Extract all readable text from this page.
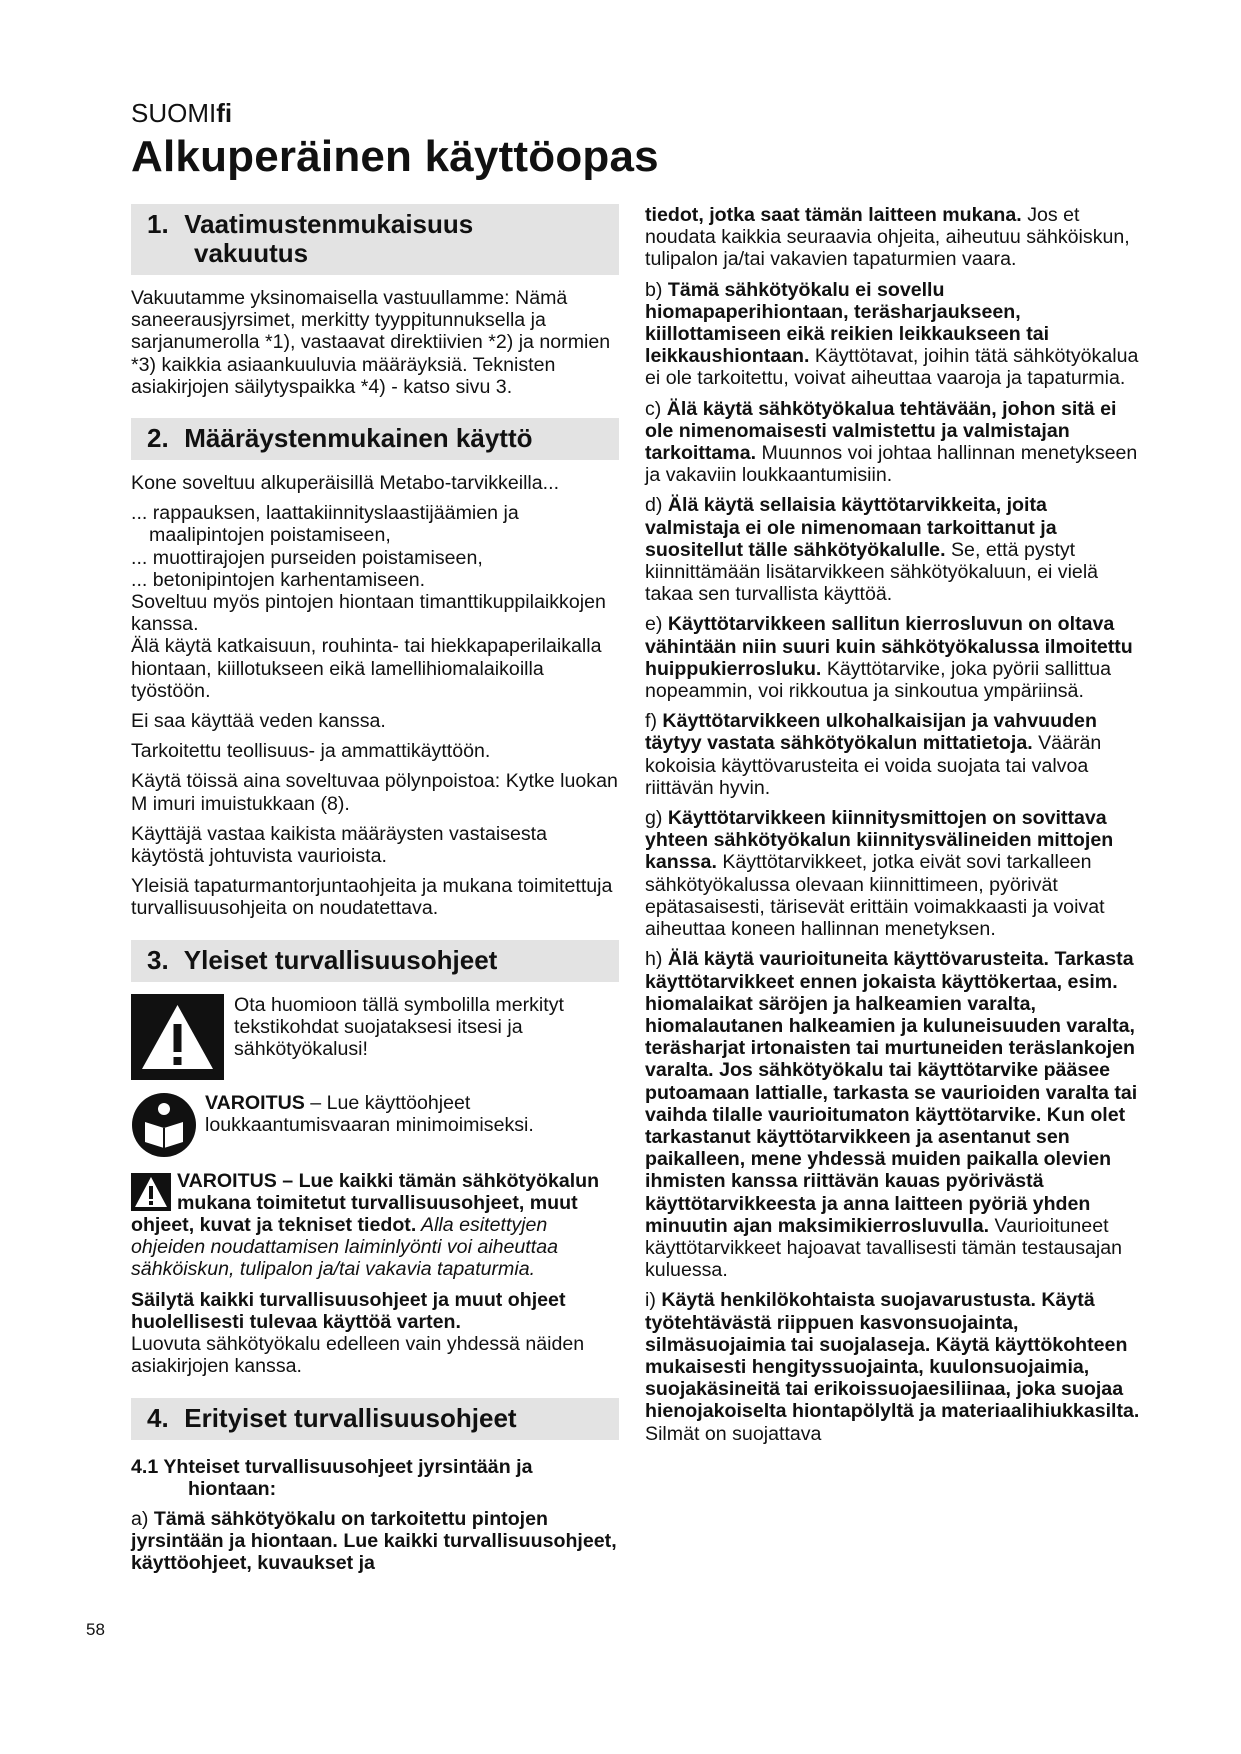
SUOMIfi
Alkuperäinen käyttöopas
1. Vaatimustenmukaisuus
vakuutus

Vakuutamme yksinomaisella vastuullamme: Nämä saneerausjyrsimet, merkitty tyyppitunnuksella ja sarjanumerolla *1), vastaavat direktiivien *2) ja normien *3) kaikkia asiaankuuluvia määräyksiä. Teknisten asiakirjojen säilytyspaikka *4) - katso sivu 3.

2. Määräystenmukainen käyttö

Kone soveltuu alkuperäisillä Metabo-tarvikkeilla...

... rappauksen, laattakiinnityslaastijäämien ja maalipintojen poistamiseen,
... muottirajojen purseiden poistamiseen,
... betonipintojen karhentamiseen.
Soveltuu myös pintojen hiontaan timanttikuppilaikkojen kanssa.

Älä käytä katkaisuun, rouhinta- tai hiekkapaperilaikalla hiontaan, kiillotukseen eikä lamellihiomalaikoilla työstöön.

Ei saa käyttää veden kanssa.

Tarkoitettu teollisuus- ja ammattikäyttöön.

Käytä töissä aina soveltuvaa pölynpoistoa: Kytke luokan M imuri imuistukkaan (8).

Käyttäjä vastaa kaikista määräysten vastaisesta käytöstä johtuvista vaurioista.

Yleisiä tapaturmantorjuntaohjeita ja mukana toimitettuja turvallisuusohjeita on noudatettava.

3. Yleiset turvallisuusohjeet
Ota huomioon tällä symbolilla merkityt tekstikohdat suojataksesi itsesi ja sähkötyökalusi!
VAROITUS – Lue käyttöohjeet loukkaantumisvaaran minimoimiseksi.

VAROITUS – Lue kaikki tämän sähkötyökalun mukana toimitetut turvallisuusohjeet, muut ohjeet, kuvat ja tekniset tiedot. Alla esitettyjen ohjeiden noudattamisen laiminlyönti voi aiheuttaa sähköiskun, tulipalon ja/tai vakavia tapaturmia.

Säilytä kaikki turvallisuusohjeet ja muut ohjeet huolellisesti tulevaa käyttöä varten.
Luovuta sähkötyökalu edelleen vain yhdessä näiden asiakirjojen kanssa.

4. Erityiset turvallisuusohjeet
4.1 Yhteiset turvallisuusohjeet jyrsintään ja
hiontaan:

a) Tämä sähkötyökalu on tarkoitettu pintojen jyrsintään ja hiontaan. Lue kaikki turvallisuusohjeet, käyttöohjeet, kuvaukset ja

tiedot, jotka saat tämän laitteen mukana. Jos et noudata kaikkia seuraavia ohjeita, aiheutuu sähköiskun, tulipalon ja/tai vakavien tapaturmien vaara.

b) Tämä sähkötyökalu ei sovellu hiomapaperihiontaan, teräsharjaukseen, kiillottamiseen eikä reikien leikkaukseen tai leikkaushiontaan. Käyttötavat, joihin tätä sähkötyökalua ei ole tarkoitettu, voivat aiheuttaa vaaroja ja tapaturmia.

c) Älä käytä sähkötyökalua tehtävään, johon sitä ei ole nimenomaisesti valmistettu ja valmistajan tarkoittama. Muunnos voi johtaa hallinnan menetykseen ja vakaviin loukkaantumisiin.

d) Älä käytä sellaisia käyttötarvikkeita, joita valmistaja ei ole nimenomaan tarkoittanut ja suositellut tälle sähkötyökalulle. Se, että pystyt kiinnittämään lisätarvikkeen sähkötyökaluun, ei vielä takaa sen turvallista käyttöä.

e) Käyttötarvikkeen sallitun kierrosluvun on oltava vähintään niin suuri kuin sähkötyökalussa ilmoitettu huippukierrosluku. Käyttötarvike, joka pyörii sallittua nopeammin, voi rikkoutua ja sinkoutua ympäriinsä.

f) Käyttötarvikkeen ulkohalkaisijan ja vahvuuden täytyy vastata sähkötyökalun mittatietoja. Väärän kokoisia käyttövarusteita ei voida suojata tai valvoa riittävän hyvin.

g) Käyttötarvikkeen kiinnitysmittojen on sovittava yhteen sähkötyökalun kiinnitysvälineiden mittojen kanssa. Käyttötarvikkeet, jotka eivät sovi tarkalleen sähkötyökalussa olevaan kiinnittimeen, pyörivät epätasaisesti, tärisevät erittäin voimakkaasti ja voivat aiheuttaa koneen hallinnan menetyksen.

h) Älä käytä vaurioituneita käyttövarusteita. Tarkasta käyttötarvikkeet ennen jokaista käyttökertaa, esim. hiomalaikat säröjen ja halkeamien varalta, hiomalautanen halkeamien ja kuluneisuuden varalta, teräsharjat irtonaisten tai murtuneiden teräslankojen varalta. Jos sähkötyökalu tai käyttötarvike pääsee putoamaan lattialle, tarkasta se vaurioiden varalta tai vaihda tilalle vaurioitumaton käyttötarvike. Kun olet tarkastanut käyttötarvikkeen ja asentanut sen paikalleen, mene yhdessä muiden paikalla olevien ihmisten kanssa riittävän kauas pyörivästä käyttötarvikkeesta ja anna laitteen pyöriä yhden minuutin ajan maksimikierrosluvulla. Vaurioituneet käyttötarvikkeet hajoavat tavallisesti tämän testausajan kuluessa.

i) Käytä henkilökohtaista suojavarustusta. Käytä työtehtävästä riippuen kasvonsuojainta, silmäsuojaimia tai suojalaseja. Käytä käyttökohteen mukaisesti hengityssuojainta, kuulonsuojaimia, suojakäsineitä tai erikoissuojaesiliinaa, joka suojaa hienojakoiselta hiontapölyltä ja materiaalihiukkasilta. Silmät on suojattava

58
